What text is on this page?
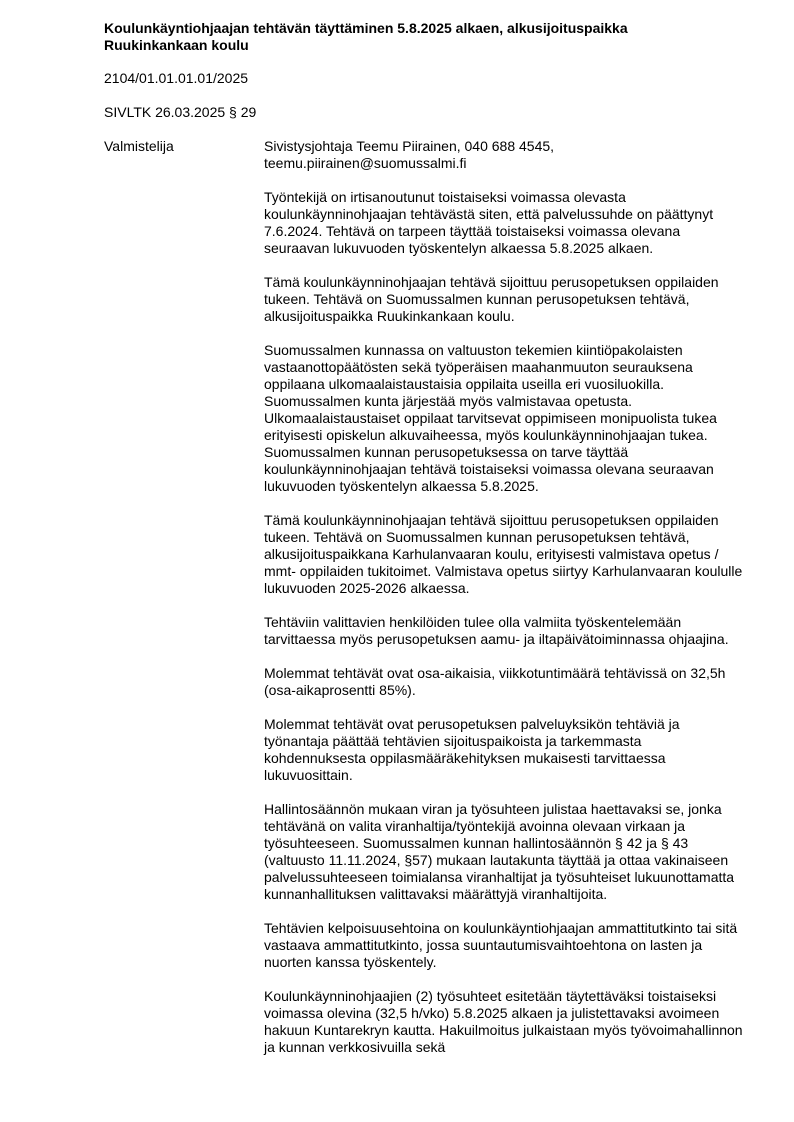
Koulunkäyntiohjaajan tehtävän täyttäminen 5.8.2025 alkaen, alkusijoituspaikka
Ruukinkankaan koulu

2104/01.01.01.01/2025

SIVLTK 26.03.2025 § 29

Valmistelija	Sivistysjohtaja Teemu Piirainen, 040 688 4545,
teemu.piirainen@suomussalmi.fi

Työntekijä on irtisanoutunut toistaiseksi voimassa olevasta koulunkäynninohjaajan tehtävästä siten, että palvelussuhde on päättynyt 7.6.2024. Tehtävä on tarpeen täyttää toistaiseksi voimassa olevana seuraavan lukuvuoden työskentelyn alkaessa 5.8.2025 alkaen.

Tämä koulunkäynninohjaajan tehtävä sijoittuu perusopetuksen oppilaiden tukeen. Tehtävä on Suomussalmen kunnan perusopetuksen tehtävä, alkusijoituspaikka Ruukinkankaan koulu.

Suomussalmen kunnassa on valtuuston tekemien kiintiöpakolaisten vastaanottopäätösten sekä työperäisen maahanmuuton seurauksena oppilaana ulkomaalaistaustaisia oppilaita useilla eri vuosiluokilla. Suomussalmen kunta järjestää myös valmistavaa opetusta. Ulkomaalaistaustaiset oppilaat tarvitsevat oppimiseen monipuolista tukea erityisesti opiskelun alkuvaiheessa, myös koulunkäynninohjaajan tukea. Suomussalmen kunnan perusopetuksessa on tarve täyttää koulunkäynninohjaajan tehtävä toistaiseksi voimassa olevana seuraavan lukuvuoden työskentelyn alkaessa 5.8.2025.

Tämä koulunkäynninohjaajan tehtävä sijoittuu perusopetuksen oppilaiden tukeen. Tehtävä on Suomussalmen kunnan perusopetuksen tehtävä, alkusijoituspaikkana Karhulanvaaran koulu, erityisesti valmistava opetus / mmt- oppilaiden tukitoimet. Valmistava opetus siirtyy Karhulanvaaran koululle lukuvuoden 2025-2026 alkaessa.

Tehtäviin valittavien henkilöiden tulee olla valmiita työskentelemään tarvittaessa myös perusopetuksen aamu- ja iltapäivätoiminnassa ohjaajina.

Molemmat tehtävät ovat osa-aikaisia, viikkotuntimäärä tehtävissä on 32,5h (osa-aikaprosentti 85%).

Molemmat tehtävät ovat perusopetuksen palveluyksikön tehtäviä ja työnantaja päättää tehtävien sijoituspaikoista ja tarkemmasta kohdennuksesta oppilasmääräkehityksen mukaisesti tarvittaessa lukuvuosittain.

Hallintosäännön mukaan viran ja työsuhteen julistaa haettavaksi se, jonka tehtävänä on valita viranhaltija/työntekijä avoinna olevaan virkaan ja työsuhteeseen. Suomussalmen kunnan hallintosäännön § 42 ja § 43 (valtuusto 11.11.2024, §57) mukaan lautakunta täyttää ja ottaa vakinaiseen palvelussuhteeseen toimialansa viranhaltijat ja työsuhteiset lukuunottamatta kunnanhallituksen valittavaksi määrättyjä viranhaltijoita.

Tehtävien kelpoisuusehtoina on koulunkäyntiohjaajan ammattitutkinto tai sitä vastaava ammattitutkinto, jossa suuntautumisvaihtoehtona on lasten ja nuorten kanssa työskentely.

Koulunkäynninohjaajien (2) työsuhteet esitetään täytettäväksi toistaiseksi voimassa olevina (32,5 h/vko) 5.8.2025 alkaen ja julistettavaksi avoimeen hakuun Kuntarekryn kautta. Hakuilmoitus julkaistaan myös työvoimahallinnon ja kunnan verkkosivuilla sekä
